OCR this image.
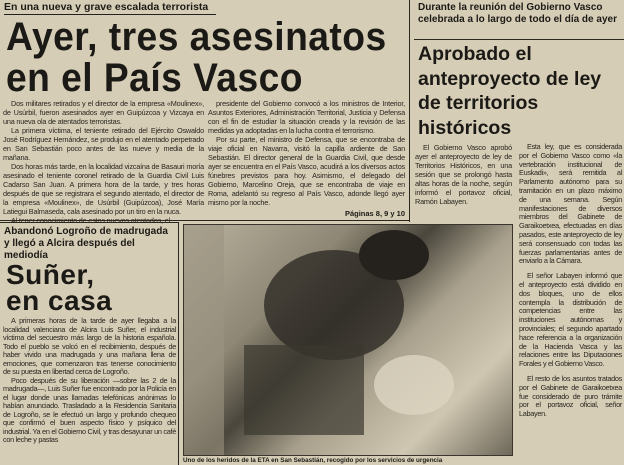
En una nueva y grave escalada terrorista
Ayer, tres asesinatos
en el País Vasco

Dos militares retirados y el director de la empresa «Moulinex», de Usúrbil, fueron asesinados ayer en Guipúzcoa y Vizcaya en una nueva ola de atentados terroristas.

La primera víctima, el teniente retirado del Ejército Oswaldo José Rodríguez Hernández, se produjo en el atentado perpetrado en San Sebastián poco antes de las nueve y media de la mañana.

Dos horas más tarde, en la localidad vizcaína de Basauri moría asesinado el teniente coronel retirado de la Guardia Civil Luis Cadarso San Juan. A primera hora de la tarde, y tres horas después de que se registrara el segundo atentado, el director de la empresa «Moulinex», de Usúrbil (Guipúzcoa), José María Latiegui Balmaseda, cala asesinado por un tiro en la nuca.

presidente del Gobierno convocó a los ministros de Interior, Asuntos Exteriores, Administración Territorial, Justicia y Defensa con el fin de estudiar la situación creada y la revisión de las medidas ya adoptadas en la lucha contra el terrorismo.

Por su parte, el ministro de Defensa, que se encontraba de viaje oficial en Navarra, visitó la capilla ardiente de San Sebastián. El director general de la Guardia Civil, que desde ayer se encuentra en el País Vasco, acudirá a los diversos actos fúnebres previstos para hoy. Asimismo, el delegado del Gobierno, Marcelino Oreja, que se encontraba de viaje en Roma, adelantó su regreso al País Vasco, adonde llegó ayer mismo por la noche.

Páginas 8, 9 y 10
Durante la reunión del Gobierno Vasco celebrada a lo largo de todo el día de ayer
Aprobado el anteproyecto de ley de territorios históricos

El Gobierno Vasco aprobó ayer el anteproyecto de ley de Territorios Históricos, en una sesión que se prolongó hasta altas horas de la noche, según informó el portavoz oficial, Ramón Labayen.

Esta ley, que es considerada por el Gobierno Vasco como «la vertebración institucional de Euskadi», será remitida al Parlamento autónomo para su tramitación en un plazo máximo de una semana. Según manifestaciones de diversos miembros del Gabinete de Garaikoetxea, efectuadas en días pasados, este anteproyecto de ley será consensuado con todas las fuerzas parlamentarias antes de enviarlo a la Cámara.

El señor Labayen informó que el anteproyecto está dividido en dos bloques, uno de ellos contempla la distribución de competencias entre las instituciones autónomas y provinciales; el segundo apartado hace referencia a la organización de la Hacienda Vasca y las relaciones entre las Diputaciones Forales y el Gobierno Vasco.

El resto de los asuntos tratados por el Gabinete de Garaikoetxea fue considerado de puro trámite por el portavoz oficial, señor Labayen.

Uno de los heridos de la ETA en San Sebastián, recogido por los servicios de urgencia
Abandonó Logroño de madrugada y llegó a Alcira después del mediodía
Suñer,
en casa

A primeras horas de la tarde de ayer llegaba a la localidad valenciana de Alcira Luis Suñer, el industrial víctima del secuestro más largo de la historia española. Todo el pueblo se volcó en el recibimiento, después de haber vivido una madrugada y una mañana llena de emociones, que comenzaron tras tenerse conocimiento de su puesta en libertad cerca de Logroño.

Poco después de su liberación —sobre las 2 de la madrugada—, Luis Suñer fue encontrado por la Policía en el lugar donde unas llamadas telefónicas anónimas lo habían anunciado. Trasladado a la Residencia Sanitaria de Logroño, se le efectuó un largo y profundo chequeo que confirmó el buen aspecto físico y psíquico del industrial. Ya en el Gobierno Civil, y tras desayunar un café con leche y pastas
